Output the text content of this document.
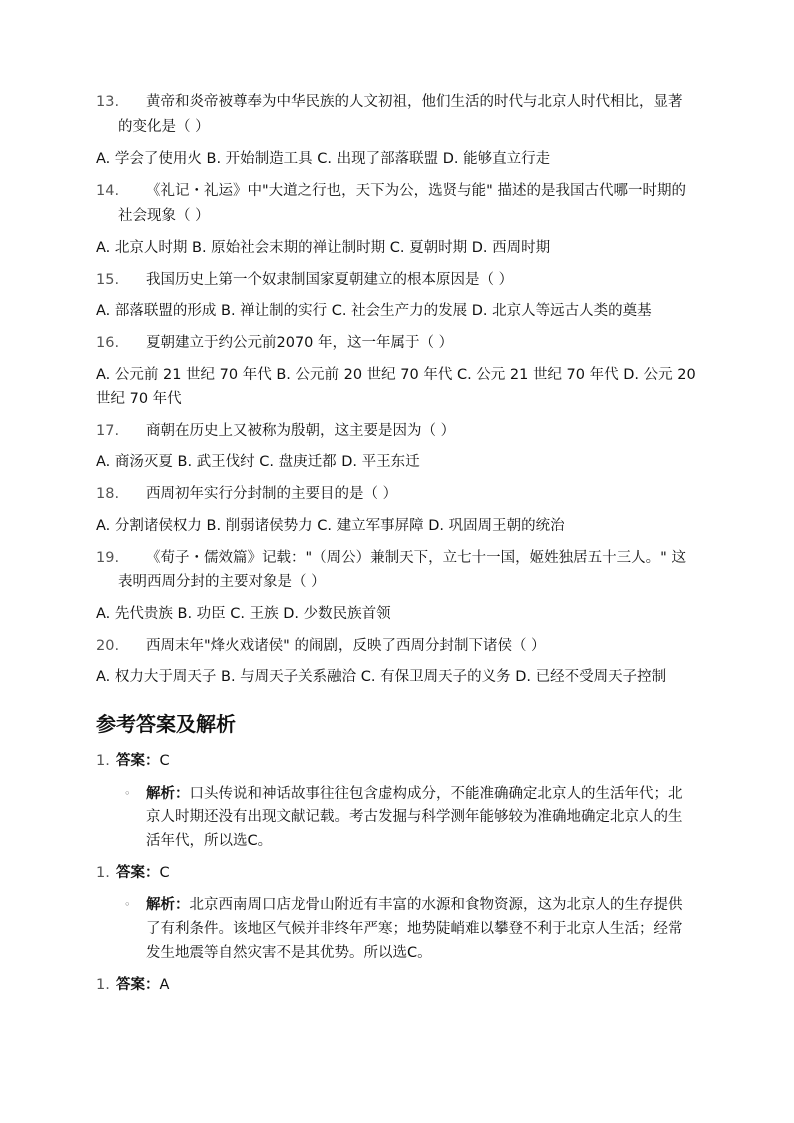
13. 黄帝和炎帝被尊奉为中华民族的人文初祖，他们生活的时代与北京人时代相比，显著
的变化是（ ）
A. 学会了使用火 B. 开始制造工具 C. 出现了部落联盟 D. 能够直立行走
14. 《礼记・礼运》中"大道之行也，天下为公，选贤与能" 描述的是我国古代哪一时期的
社会现象（ ）
A. 北京人时期 B. 原始社会末期的禅让制时期 C. 夏朝时期 D. 西周时期
15. 我国历史上第一个奴隶制国家夏朝建立的根本原因是（ ）
A. 部落联盟的形成 B. 禅让制的实行 C. 社会生产力的发展 D. 北京人等远古人类的奠基
16. 夏朝建立于约公元前2070 年，这一年属于（ ）
A. 公元前 21 世纪 70 年代 B. 公元前 20 世纪 70 年代 C. 公元 21 世纪 70 年代 D. 公元 20
世纪 70 年代
17. 商朝在历史上又被称为殷朝，这主要是因为（ ）
A. 商汤灭夏 B. 武王伐纣 C. 盘庚迁都 D. 平王东迁
18. 西周初年实行分封制的主要目的是（ ）
A. 分割诸侯权力 B. 削弱诸侯势力 C. 建立军事屏障 D. 巩固周王朝的统治
19. 《荀子・儒效篇》记载："（周公）兼制天下，立七十一国，姬姓独居五十三人。" 这
表明西周分封的主要对象是（ ）
A. 先代贵族 B. 功臣 C. 王族 D. 少数民族首领
20. 西周末年"烽火戏诸侯" 的闹剧，反映了西周分封制下诸侯（ ）
A. 权力大于周天子 B. 与周天子关系融洽 C. 有保卫周天子的义务 D. 已经不受周天子控制
参考答案及解析
1. 答案：C
◦ 解析：口头传说和神话故事往往包含虚构成分，不能准确确定北京人的生活年代；北
京人时期还没有出现文献记载。考古发掘与科学测年能够较为准确地确定北京人的生
活年代，所以选C。
1. 答案：C
◦ 解析：北京西南周口店龙骨山附近有丰富的水源和食物资源，这为北京人的生存提供
了有利条件。该地区气候并非终年严寒；地势陡峭难以攀登不利于北京人生活；经常
发生地震等自然灾害不是其优势。所以选C。
1. 答案：A
